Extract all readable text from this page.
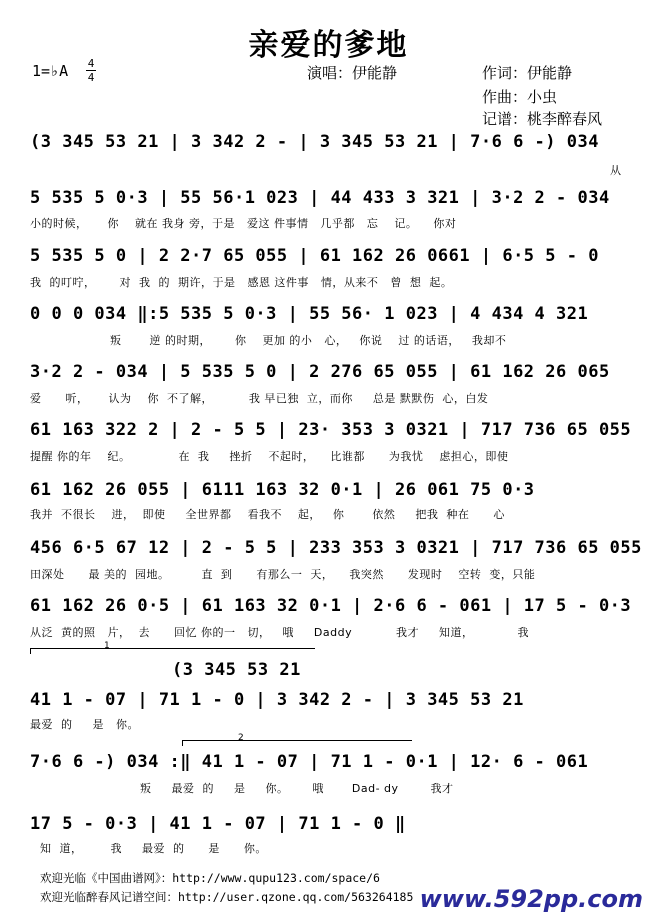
亲爱的爹地
1=♭A 4
4	演唱：伊能静	作词：伊能静
作曲：小虫
记谱：桃李醉春风
(3 345 53 21 | 3 342 2 - | 3 345 53 21 | 7·6 6 -) 034
从
5 535 5 0·3 | 55 56·1 023 | 44 433 3 321 | 3·2 2 - 034
小的时候，     你    就在 我身 旁，于是   爱这 件事情   几乎都   忘    记。    你对
5 535 5 0 | 2 2·7 65 055 | 61 162 26 0661 | 6·5 5 - 0
我  的叮咛，      对  我  的  期许，于是   感恩 这件事   情，从来不   曾  想  起。
0 0 0 034 ‖:5 535 5 0·3 | 55 56· 1 023 | 4 434 4 321
叛       逆 的时期，      你    更加 的小   心，   你说    过 的话语，   我却不
3·2 2 - 034 | 5 535 5 0 | 2 276 65 055 | 61 162 26 065
爱      听，     认为    你  不了解，         我 早已独  立，而你     总是 默默伤  心，白发
61 163 322 2 | 2 - 5 5 | 23· 353 3 0321 | 717 736 65 055
提醒 你的年    纪。            在  我     挫折    不起时，    比谁都      为我忧    虑担心，即使
61 162 26 055 | 6111 163 32 0·1 | 26 061 75 0·3
我并  不很长    进，  即使     全世界都    看我不    起，   你       依然     把我  种在      心
456 6·5 67 12 | 2 - 5 5 | 233 353 3 0321 | 717 736 65 055
田深处      最 美的  园地。        直  到      有那么一  天，    我突然      发现时    空转  变，只能
61 162 26 0·5 | 61 163 32 0·1 | 2·6 6 - 061 | 17 5 - 0·3
从泛  黄的照   片，  去      回忆 你的一   切，   哦     Daddy           我才     知道，           我
1
(3 345 53 21
41 1 - 07 | 71 1 - 0 | 3 342 2 - | 3 345 53 21
最爱  的     是   你。
2
7·6 6 -) 034 :‖ 41 1 - 07 | 71 1 - 0·1 | 12· 6 - 061
叛     最爱  的     是     你。      哦       Dad- dy        我才
17 5 - 0·3 | 41 1 - 07 | 71 1 - 0 ‖
知  道，       我     最爱  的      是      你。
欢迎光临《中国曲谱网》：http://www.qupu123.com/space/6
欢迎光临醉春风记谱空间：http://user.qzone.qq.com/563264185 www.592pp.com
